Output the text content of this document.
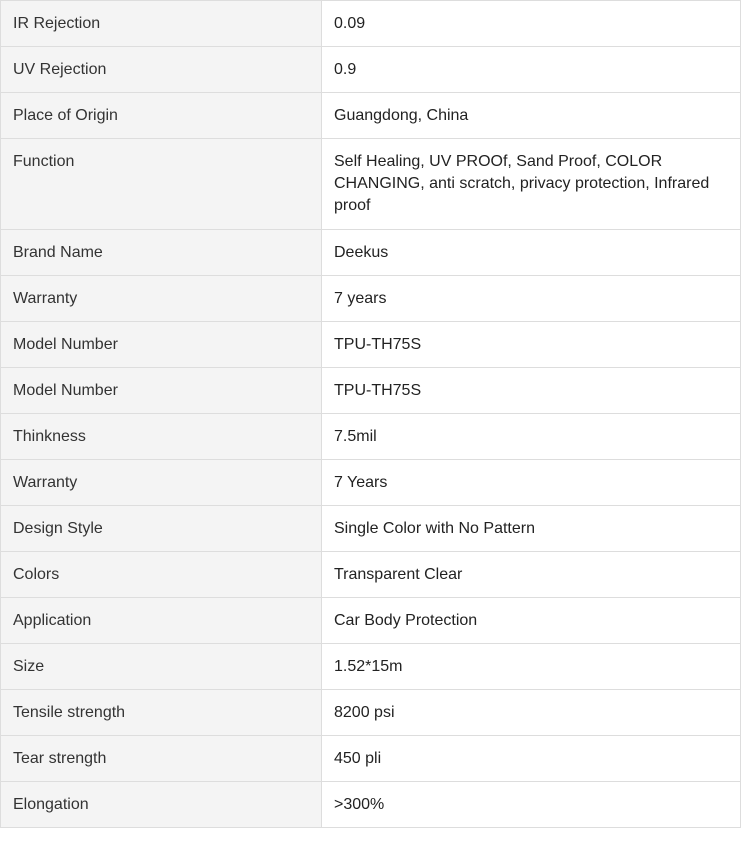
IR Rejection	0.09
UV Rejection	0.9
Place of Origin	Guangdong, China
Function	Self Healing, UV PROOf, Sand Proof, COLOR CHANGING, anti scratch, privacy protection, Infrared proof
Brand Name	Deekus
Warranty	7 years
Model Number	TPU-TH75S
Model Number	TPU-TH75S
Thinkness	7.5mil
Warranty	7 Years
Design Style	Single Color with No Pattern
Colors	Transparent Clear
Application	Car Body Protection
Size	1.52*15m
Tensile strength	8200 psi
Tear strength	450 pli
Elongation	>300%
